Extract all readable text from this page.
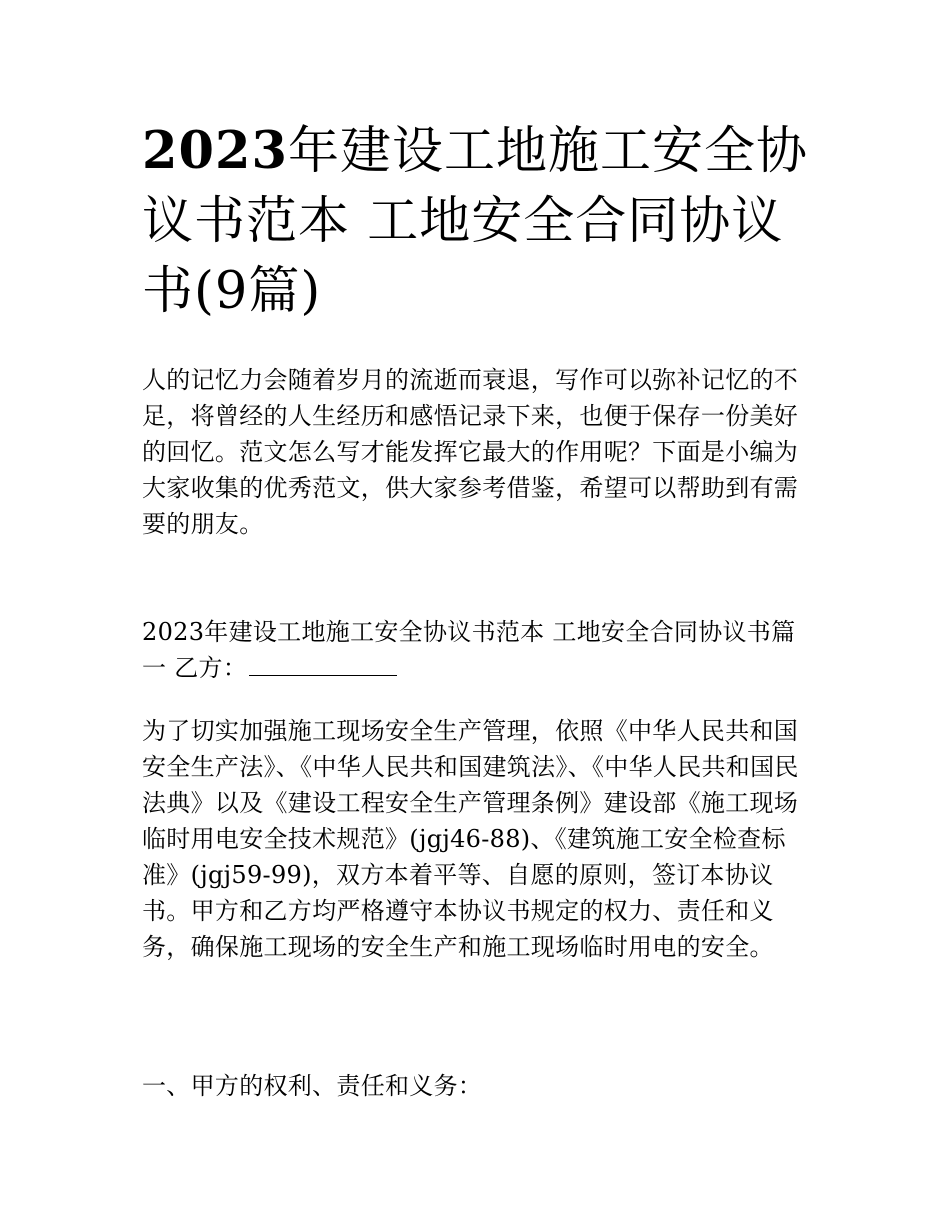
2023年建设工地施工安全协议书范本 工地安全合同协议书(9篇)

人的记忆力会随着岁月的流逝而衰退，写作可以弥补记忆的不足，将曾经的人生经历和感悟记录下来，也便于保存一份美好的回忆。范文怎么写才能发挥它最大的作用呢？下面是小编为大家收集的优秀范文，供大家参考借鉴，希望可以帮助到有需要的朋友。

2023年建设工地施工安全协议书范本 工地安全合同协议书篇一 乙方：

为了切实加强施工现场安全生产管理，依照《中华人民共和国安全生产法》、《中华人民共和国建筑法》、《中华人民共和国民法典》以及《建设工程安全生产管理条例》建设部《施工现场临时用电安全技术规范》(jgj46-88)、《建筑施工安全检查标准》(jgj59-99)，双方本着平等、自愿的原则，签订本协议书。甲方和乙方均严格遵守本协议书规定的权力、责任和义务，确保施工现场的安全生产和施工现场临时用电的安全。

一、甲方的权利、责任和义务：
